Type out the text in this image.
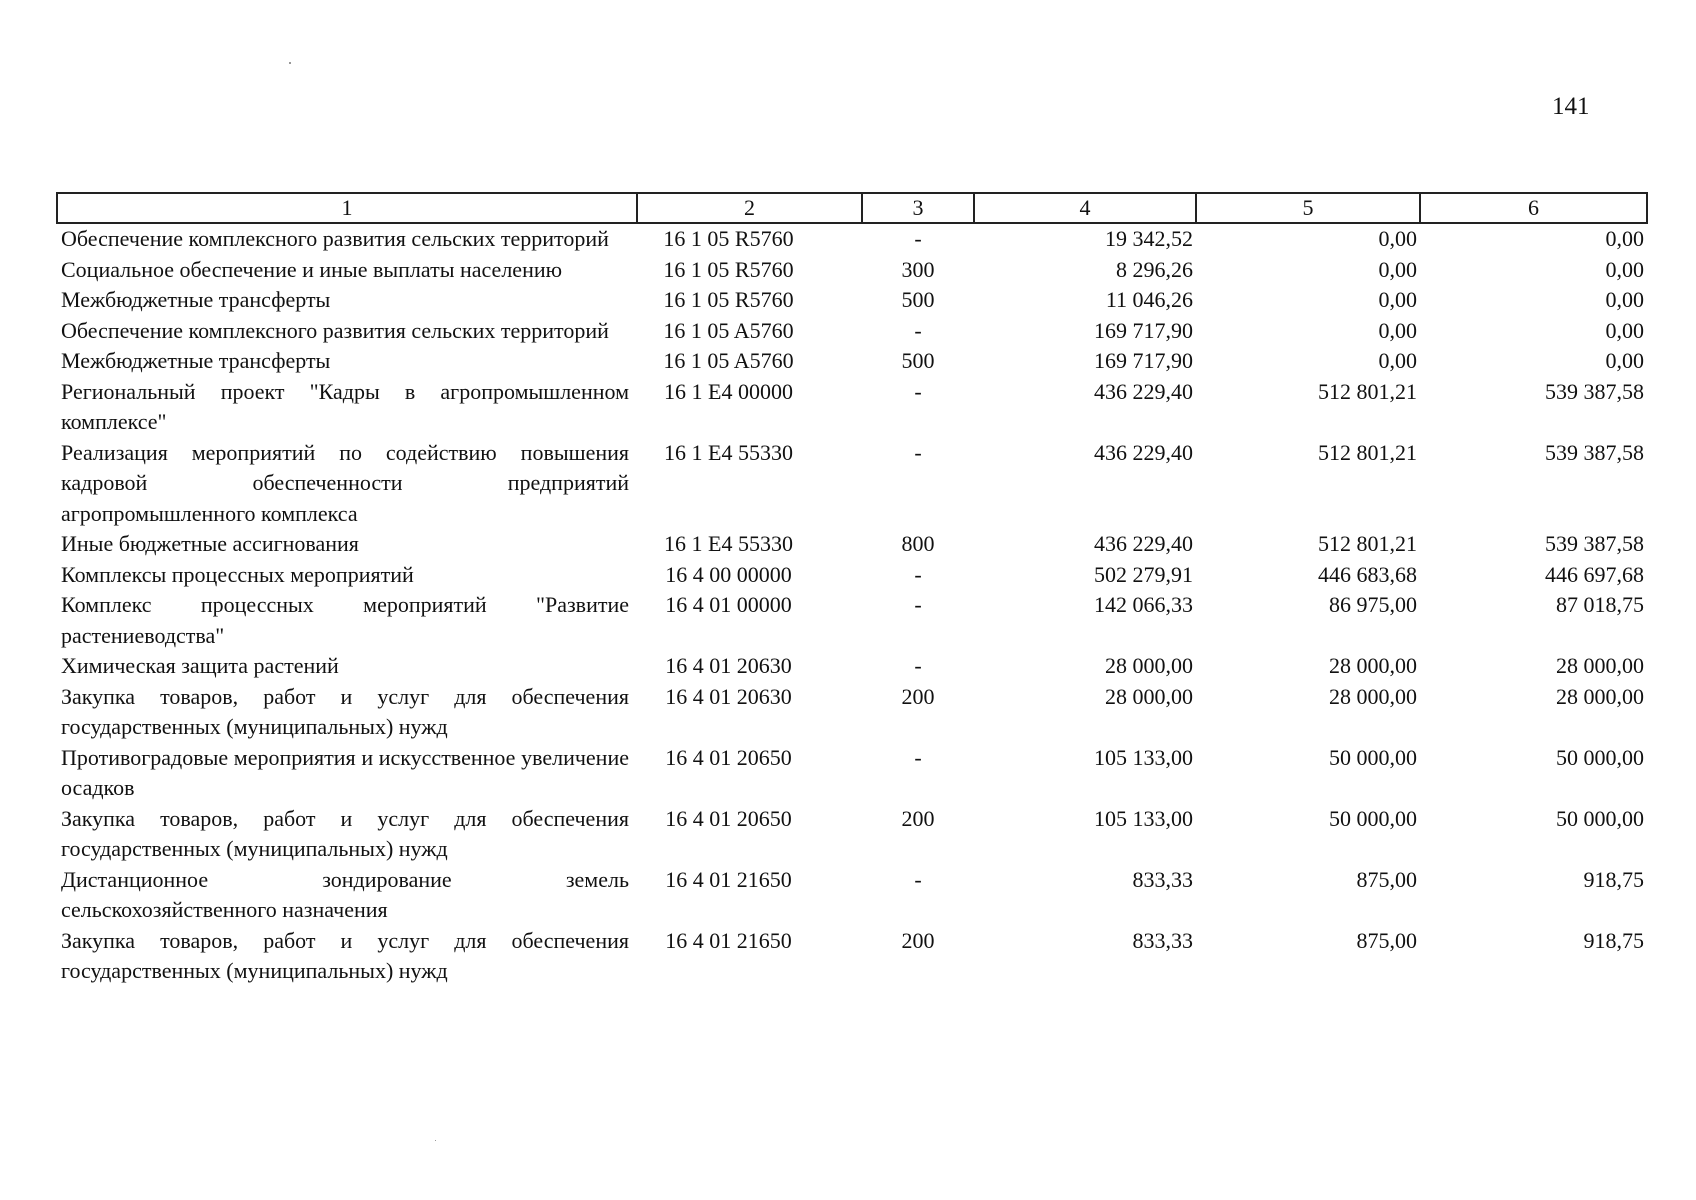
141
1	2	3	4	5	6
Обеспечение комплексного развития сельских территорий	16 1 05 R5760	-	19 342,52	0,00	0,00
Социальное обеспечение и иные выплаты населению	16 1 05 R5760	300	8 296,26	0,00	0,00
Межбюджетные трансферты	16 1 05 R5760	500	11 046,26	0,00	0,00
Обеспечение комплексного развития сельских территорий	16 1 05 A5760	-	169 717,90	0,00	0,00
Межбюджетные трансферты	16 1 05 A5760	500	169 717,90	0,00	0,00
Региональный проект "Кадры в агропромышленном комплексе"	16 1 E4 00000	-	436 229,40	512 801,21	539 387,58
Реализация мероприятий по содействию повышения кадровой обеспеченности предприятий агропромышленного комплекса	16 1 E4 55330	-	436 229,40	512 801,21	539 387,58
Иные бюджетные ассигнования	16 1 E4 55330	800	436 229,40	512 801,21	539 387,58
Комплексы процессных мероприятий	16 4 00 00000	-	502 279,91	446 683,68	446 697,68
Комплекс процессных мероприятий "Развитие растениеводства"	16 4 01 00000	-	142 066,33	86 975,00	87 018,75
Химическая защита растений	16 4 01 20630	-	28 000,00	28 000,00	28 000,00
Закупка товаров, работ и услуг для обеспечения государственных (муниципальных) нужд	16 4 01 20630	200	28 000,00	28 000,00	28 000,00
Противоградовые мероприятия и искусственное увеличение осадков	16 4 01 20650	-	105 133,00	50 000,00	50 000,00
Закупка товаров, работ и услуг для обеспечения государственных (муниципальных) нужд	16 4 01 20650	200	105 133,00	50 000,00	50 000,00
Дистанционное зондирование земель сельскохозяйственного назначения	16 4 01 21650	-	833,33	875,00	918,75
Закупка товаров, работ и услуг для обеспечения государственных (муниципальных) нужд	16 4 01 21650	200	833,33	875,00	918,75
